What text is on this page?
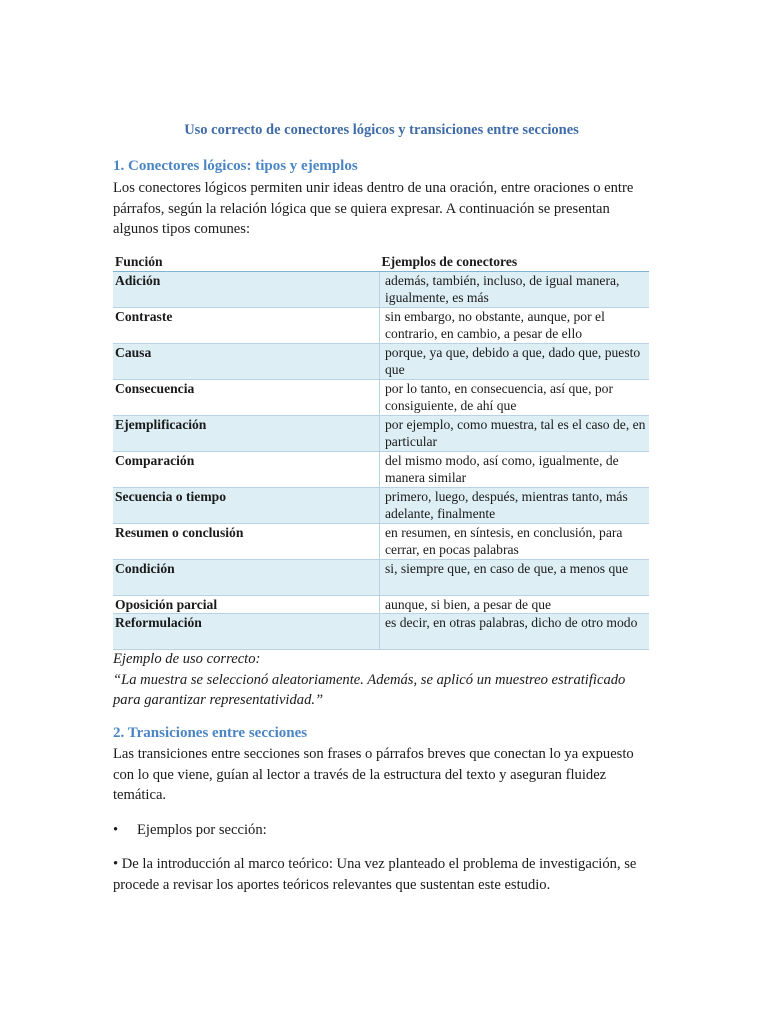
Uso correcto de conectores lógicos y transiciones entre secciones
1. Conectores lógicos: tipos y ejemplos
Los conectores lógicos permiten unir ideas dentro de una oración, entre oraciones o entre
párrafos, según la relación lógica que se quiera expresar. A continuación se presentan
algunos tipos comunes:
Función	Ejemplos de conectores
Adición	además, también, incluso, de igual manera, igualmente, es más
Contraste	sin embargo, no obstante, aunque, por el contrario, en cambio, a pesar de ello
Causa	porque, ya que, debido a que, dado que, puesto que
Consecuencia	por lo tanto, en consecuencia, así que, por consiguiente, de ahí que
Ejemplificación	por ejemplo, como muestra, tal es el caso de, en particular
Comparación	del mismo modo, así como, igualmente, de manera similar
Secuencia o tiempo	primero, luego, después, mientras tanto, más adelante, finalmente
Resumen o conclusión	en resumen, en síntesis, en conclusión, para cerrar, en pocas palabras
Condición	si, siempre que, en caso de que, a menos que
Oposición parcial	aunque, si bien, a pesar de que
Reformulación	es decir, en otras palabras, dicho de otro modo
Ejemplo de uso correcto:
“La muestra se seleccionó aleatoriamente. Además, se aplicó un muestreo estratificado
para garantizar representatividad.”
2. Transiciones entre secciones
Las transiciones entre secciones son frases o párrafos breves que conectan lo ya expuesto
con lo que viene, guían al lector a través de la estructura del texto y aseguran fluidez
temática.
• Ejemplos por sección:
• De la introducción al marco teórico: Una vez planteado el problema de investigación, se
procede a revisar los aportes teóricos relevantes que sustentan este estudio.
